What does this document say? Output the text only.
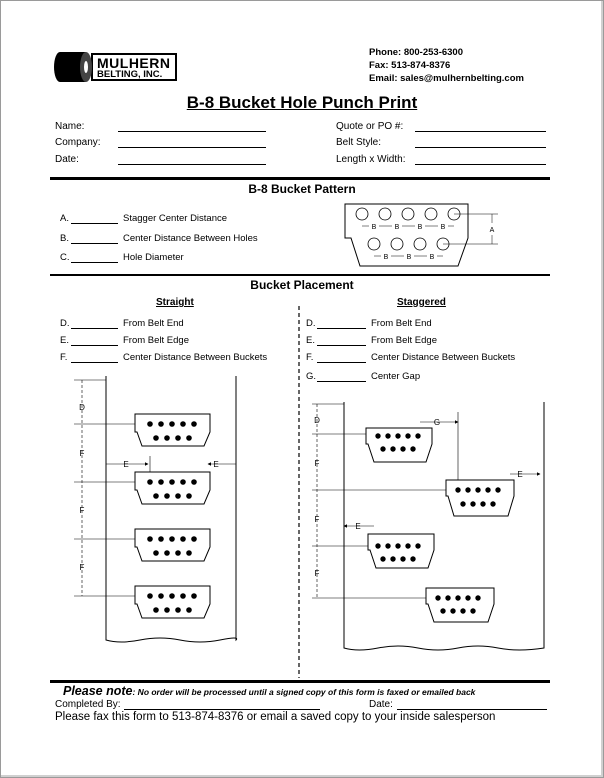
MULHERN
BELTING, INC.
Phone: 800-253-6300
Fax: 513-874-8376
Email: sales@mulhernbelting.com
B-8 Bucket Hole Punch Print
Name:
Company:
Date:
Quote or PO #:
Belt Style:
Length x Width:
B-8 Bucket Pattern
A.	Stagger Center Distance
B.	Center Distance Between Holes
C.	Hole Diameter
B	B	B	B
B	B	B
A
Bucket Placement
Straight	Staggered
D.	From Belt End
E.	From Belt Edge
F.	Center Distance Between Buckets
D.	From Belt End
E.	From Belt Edge
F.	Center Distance Between Buckets
G.	Center Gap
D
F
F
F
E	E
D
F
F
F
G
E
E
Please note: No order will be processed until a signed copy of this form is faxed or emailed back
Completed By:	Date:
Please fax this form to 513-874-8376 or email a saved copy to your inside salesperson
